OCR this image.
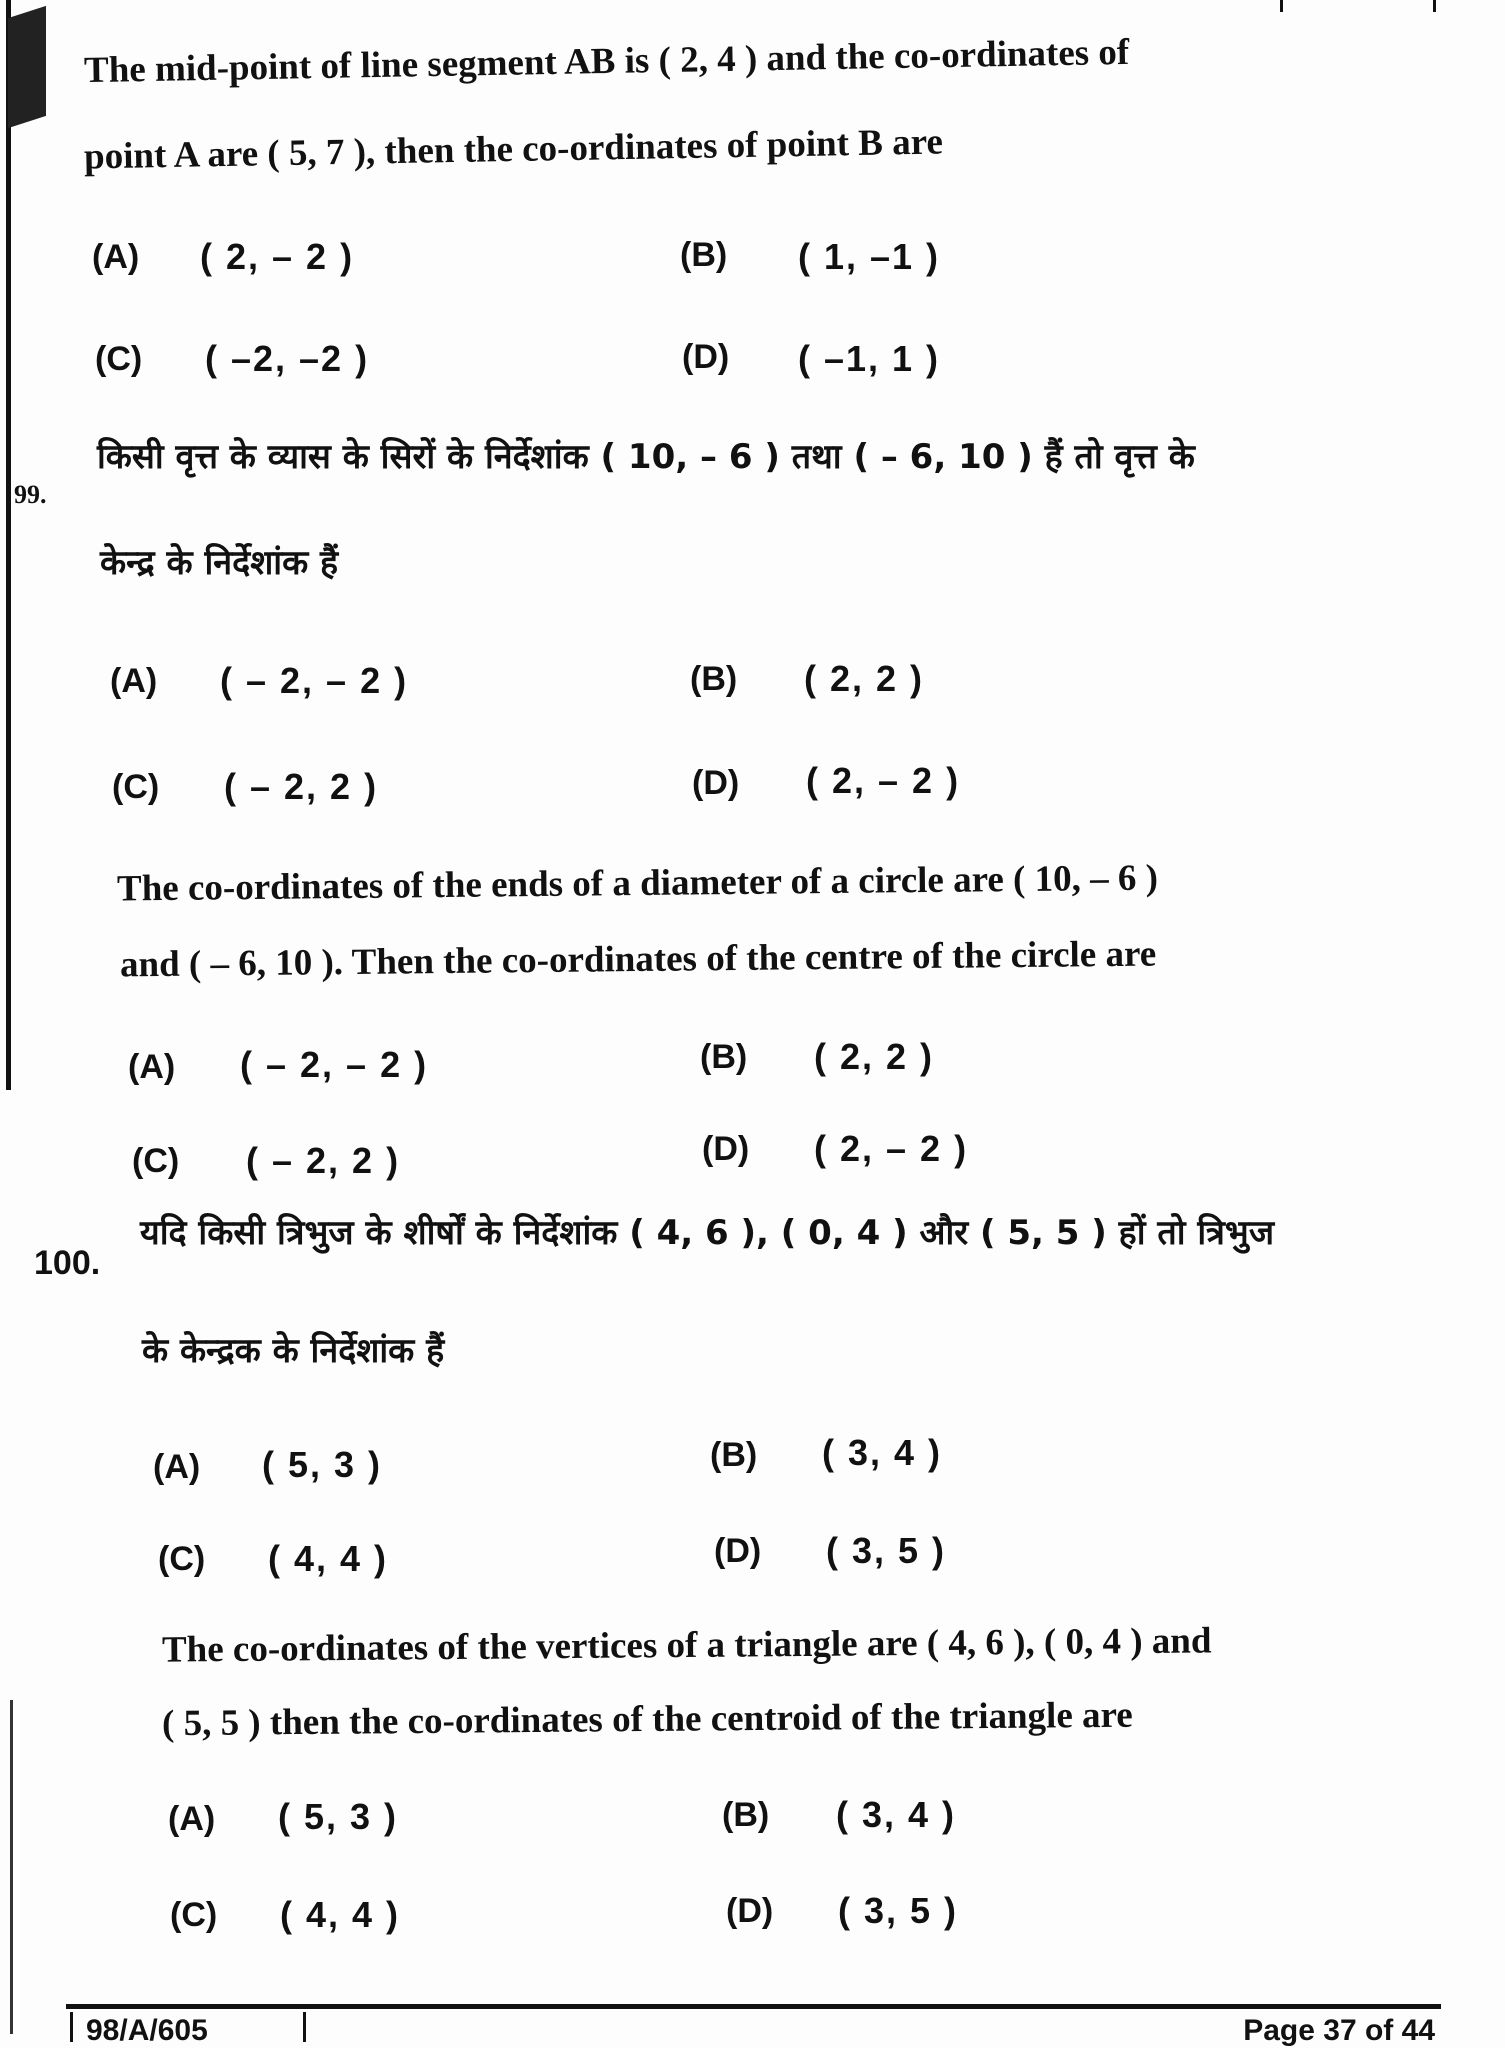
The mid-point of line segment AB is ( 2, 4 ) and the co-ordinates of
point A are ( 5, 7 ), then the co-ordinates of point B are
(A) ( 2, – 2 )	(B) ( 1, –1 )
(C) ( –2, –2 )	(D) ( –1, 1 )
99.
किसी वृत्त के व्यास के सिरों के निर्देशांक ( 10, – 6 ) तथा ( – 6, 10 ) हैं तो वृत्त के
केन्द्र के निर्देशांक हैं
(A) ( – 2, – 2 )	(B) ( 2, 2 )
(C) ( – 2, 2 )	(D) ( 2, – 2 )
The co-ordinates of the ends of a diameter of a circle are ( 10, – 6 )
and ( – 6, 10 ). Then the co-ordinates of the centre of the circle are
(A) ( – 2, – 2 )	(B) ( 2, 2 )
(C) ( – 2, 2 )	(D) ( 2, – 2 )
100.
यदि किसी त्रिभुज के शीर्षों के निर्देशांक ( 4, 6 ), ( 0, 4 ) और ( 5, 5 ) हों तो त्रिभुज
के केन्द्रक के निर्देशांक हैं
(A) ( 5, 3 )	(B) ( 3, 4 )
(C) ( 4, 4 )	(D) ( 3, 5 )
The co-ordinates of the vertices of a triangle are ( 4, 6 ), ( 0, 4 ) and
( 5, 5 ) then the co-ordinates of the centroid of the triangle are
(A) ( 5, 3 )	(B) ( 3, 4 )
(C) ( 4, 4 )	(D) ( 3, 5 )
98/A/605	Page 37 of 44
